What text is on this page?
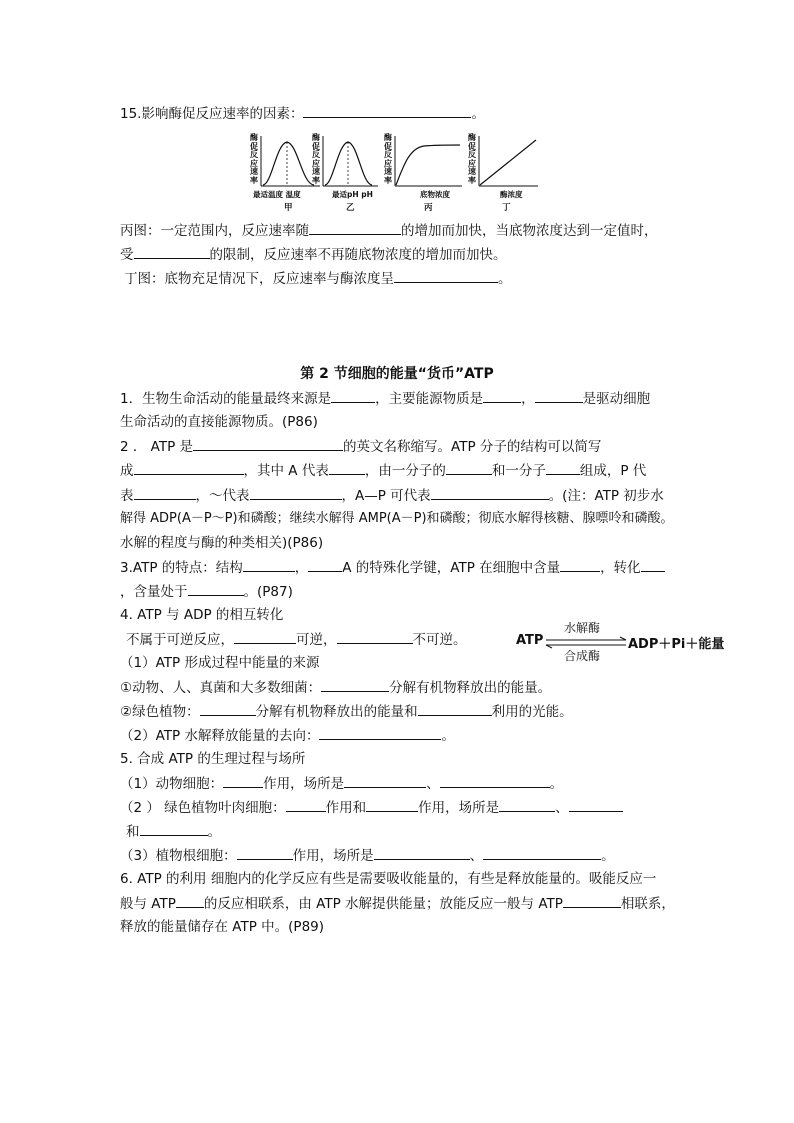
15.影响酶促反应速率的因素：	。
酶促反应速率
最适温度 温度
甲
酶促反应速率
最适pH pH
乙
酶促反应速率
底物浓度
丙
酶促反应速率
酶浓度
丁
丙图：一定范围内，反应速率随	的增加而加快，当底物浓度达到一定值时，
受	的限制，反应速率不再随底物浓度的增加而加快。
丁图：底物充足情况下，反应速率与酶浓度呈	。
第 2 节细胞的能量“货币”ATP
1．生物生命活动的能量最终来源是	，主要能源物质是	，	是驱动细胞
生命活动的直接能源物质。(P86)
2 ． ATP 是	的英文名称缩写。ATP 分子的结构可以简写
成	，其中 A 代表	，由一分子的	和一分子	组成，P 代
表	，～代表	，A—P 可代表	。(注：ATP 初步水
解得 ADP(A－P～P)和磷酸；继续水解得 AMP(A－P)和磷酸；彻底水解得核糖、腺嘌呤和磷酸。
水解的程度与酶的种类相关)(P86)
3.ATP 的特点：结构	，	A 的特殊化学键，ATP 在细胞中含量	，转化
，含量处于	。(P87)
4. ATP 与 ADP 的相互转化
不属于可逆反应，	可逆，	不可逆。	ATP
水解酶
合成酶
ADP＋Pi＋能量
（1）ATP 形成过程中能量的来源
①动物、人、真菌和大多数细菌：	分解有机物释放出的能量。
②绿色植物：	分解有机物释放出的能量和	利用的光能。
（2）ATP 水解释放能量的去向：	。
5. 合成 ATP 的生理过程与场所
（1）动物细胞：	作用，场所是	、	。
（2 ） 绿色植物叶肉细胞：	作用和	作用，场所是	、
和	。
（3）植物根细胞：	作用，场所是	、	。
6. ATP 的利用 细胞内的化学反应有些是需要吸收能量的，有些是释放能量的。吸能反应一
般与 ATP 的反应相联系，由 ATP 水解提供能量；放能反应一般与 ATP	相联系，
释放的能量储存在 ATP 中。(P89)
